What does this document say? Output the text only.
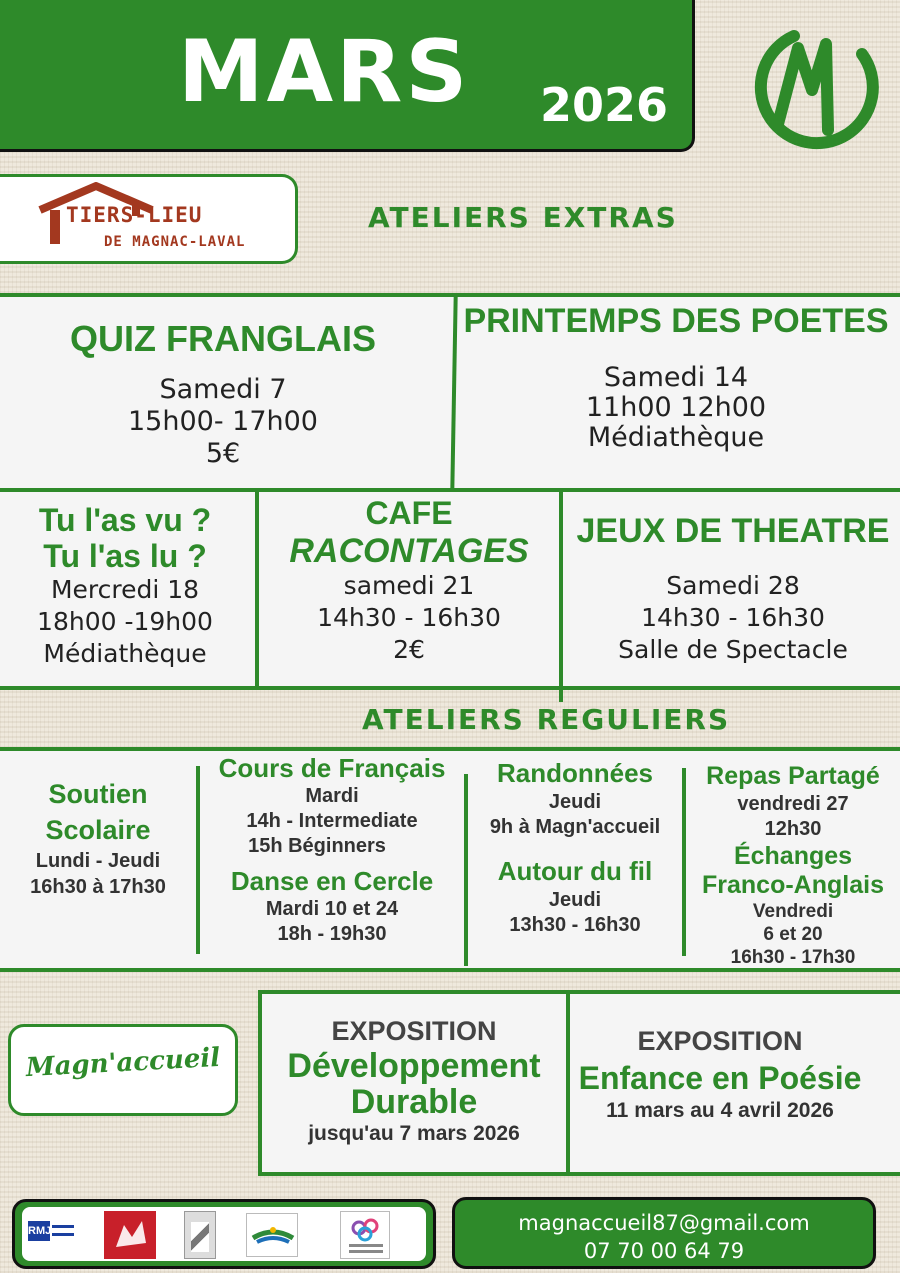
MARS 2026
TIERS-LIEU
DE MAGNAC-LAVAL
ATELIERS EXTRAS
QUIZ FRANGLAIS
Samedi 7
15h00- 17h00
5€
PRINTEMPS DES POETES
Samedi 14
11h00 12h00
Médiathèque
Tu l'as vu ?
Tu l'as lu ?
Mercredi 18
18h00 -19h00
Médiathèque
CAFE
RACONTAGES
samedi 21
14h30 - 16h30
2€
JEUX DE THEATRE
Samedi 28
14h30 - 16h30
Salle de Spectacle
ATELIERS REGULIERS
Soutien
Scolaire
Lundi - Jeudi
16h30 à 17h30
Cours de Français
Mardi
14h - Intermediate
15h Béginners
Danse en Cercle
Mardi 10 et 24
18h - 19h30
Randonnées
Jeudi
9h à Magn'accueil
Autour du fil
Jeudi
13h30 - 16h30
Repas Partagé
vendredi 27
12h30
Échanges
Franco-Anglais
Vendredi
6 et 20
16h30 - 17h30
Magn'accueil
EXPOSITION
Développement
Durable
jusqu'au 7 mars 2026
EXPOSITION
Enfance en Poésie
11 mars au 4 avril 2026
RMJ	magnaccueil87@gmail.com
07 70 00 64 79
